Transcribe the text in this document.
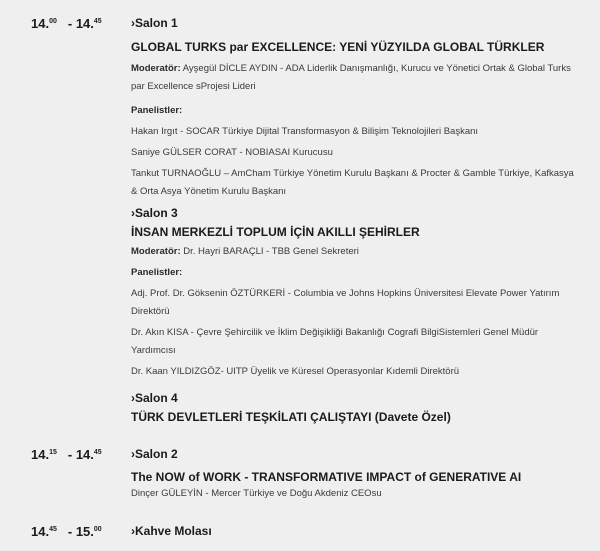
14.00 - 14.45 ›Salon 1
GLOBAL TURKS par EXCELLENCE: YENİ YÜZYILDA GLOBAL TÜRKLER
Moderatör: Ayşegül DİCLE AYDIN - ADA Liderlik Danışmanlığı, Kurucu ve Yönetici Ortak & Global Turks par Excellence sProjesi Lideri
Panelistler:
Hakan Irgıt - SOCAR Türkiye Dijital Transformasyon & Bilişim Teknolojileri Başkanı
Saniye GÜLSER CORAT - NOBIASAI Kurucusu
Tankut TURNAOĞLU – AmCham Türkiye Yönetim Kurulu Başkanı & Procter & Gamble Türkiye, Kafkasya & Orta Asya Yönetim Kurulu Başkanı
›Salon 3
İNSAN MERKEZLİ TOPLUM İÇİN AKILLI ŞEHİRLER
Moderatör: Dr. Hayri BARAÇLI - TBB Genel Sekreteri
Panelistler:
Adj. Prof. Dr. Göksenin ÖZTÜRKERİ - Columbia ve Johns Hopkins Üniversitesi Elevate Power Yatırım Direktörü
Dr. Akın KISA - Çevre Şehircilik ve İklim Değişikliği Bakanlığı Cografi BilgiSistemleri Genel Müdür Yardımcısı
Dr. Kaan YILDIZGÖZ- UITP Üyelik ve Küresel Operasyonlar Kıdemli Direktörü
›Salon 4
TÜRK DEVLETLERİ TEŞKİLATI ÇALIŞTAYI (Davete Özel)
14.15 - 14.45 ›Salon 2
The NOW of WORK - TRANSFORMATIVE IMPACT of GENERATIVE AI
Dinçer GÜLEYİN - Mercer Türkiye ve Doğu Akdeniz CEOsu
14.45 - 15.00 ›Kahve Molası
